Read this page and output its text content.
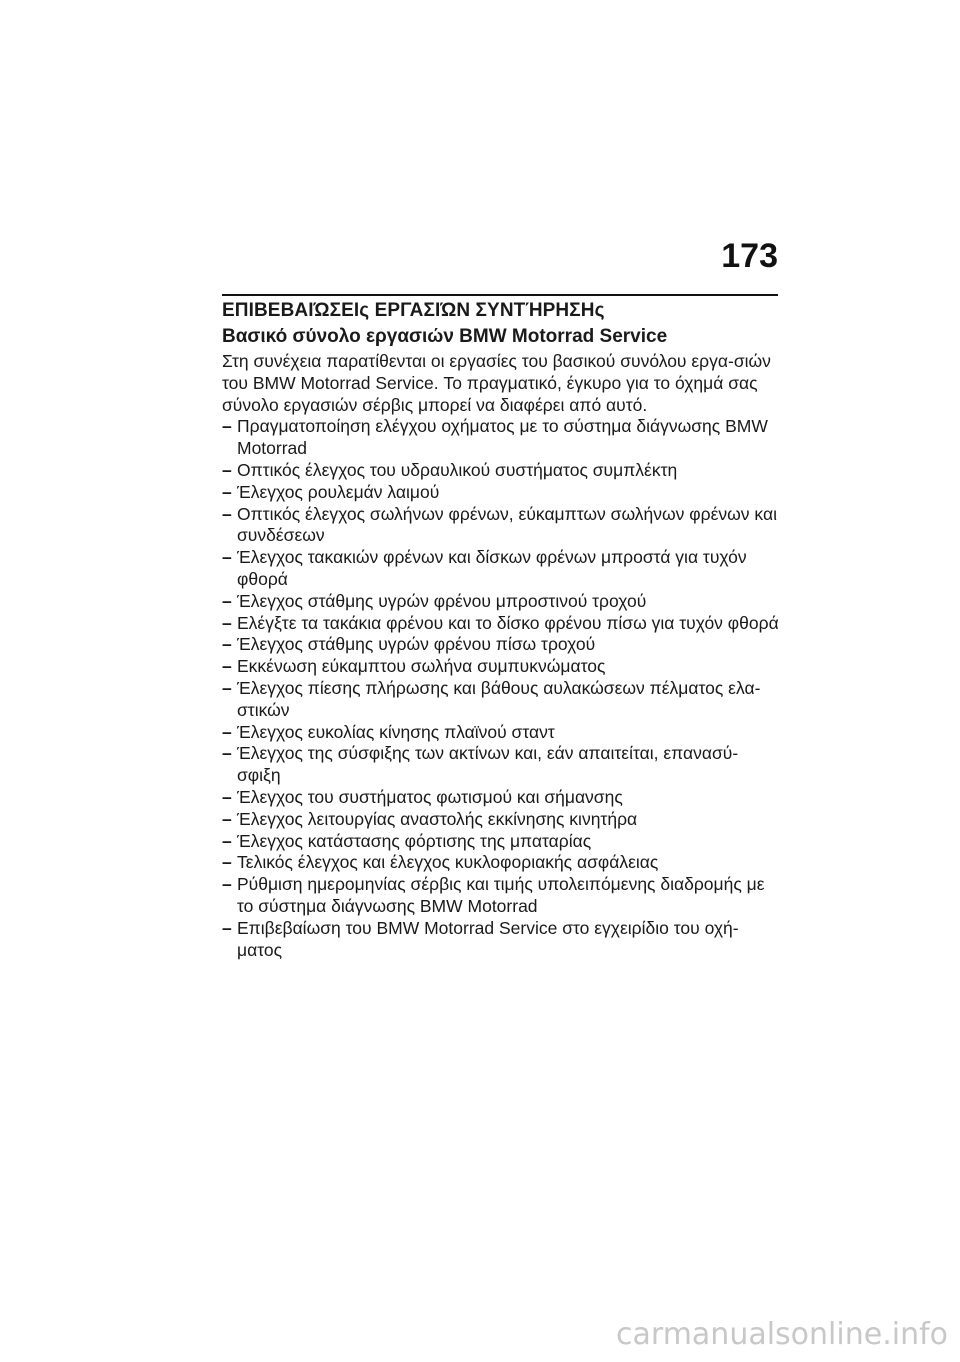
173
ΕΠΙΒΕΒΑΙΏΣΕΙς ΕΡΓΑΣΙΏΝ ΣΥΝΤΉΡΗΣΗς
Βασικό σύνολο εργασιών BMW Motorrad Service

Στη συνέχεια παρατίθενται οι εργασίες του βασικού συνόλου εργα-σιών του BMW Motorrad Service. Το πραγματικό, έγκυρο για το όχημά σας σύνολο εργασιών σέρβις μπορεί να διαφέρει από αυτό.

– Πραγματοποίηση ελέγχου οχήματος με το σύστημα διάγνωσης BMW Motorrad
– Οπτικός έλεγχος του υδραυλικού συστήματος συμπλέκτη
– Έλεγχος ρουλεμάν λαιμού
– Οπτικός έλεγχος σωλήνων φρένων, εύκαμπτων σωλήνων φρένων και συνδέσεων
– Έλεγχος τακακιών φρένων και δίσκων φρένων μπροστά για τυχόν φθορά
– Έλεγχος στάθμης υγρών φρένου μπροστινού τροχού
– Ελέγξτε τα τακάκια φρένου και το δίσκο φρένου πίσω για τυχόν φθορά
– Έλεγχος στάθμης υγρών φρένου πίσω τροχού
– Εκκένωση εύκαμπτου σωλήνα συμπυκνώματος
– Έλεγχος πίεσης πλήρωσης και βάθους αυλακώσεων πέλματος ελα-στικών
– Έλεγχος ευκολίας κίνησης πλαϊνού σταντ
– Έλεγχος της σύσφιξης των ακτίνων και, εάν απαιτείται, επανασύ-σφιξη
– Έλεγχος του συστήματος φωτισμού και σήμανσης
– Έλεγχος λειτουργίας αναστολής εκκίνησης κινητήρα
– Έλεγχος κατάστασης φόρτισης της μπαταρίας
– Τελικός έλεγχος και έλεγχος κυκλοφοριακής ασφάλειας
– Ρύθμιση ημερομηνίας σέρβις και τιμής υπολειπόμενης διαδρομής με το σύστημα διάγνωσης BMW Motorrad
– Επιβεβαίωση του BMW Motorrad Service στο εγχειρίδιο του οχή-ματος
carmanualsonline.info
